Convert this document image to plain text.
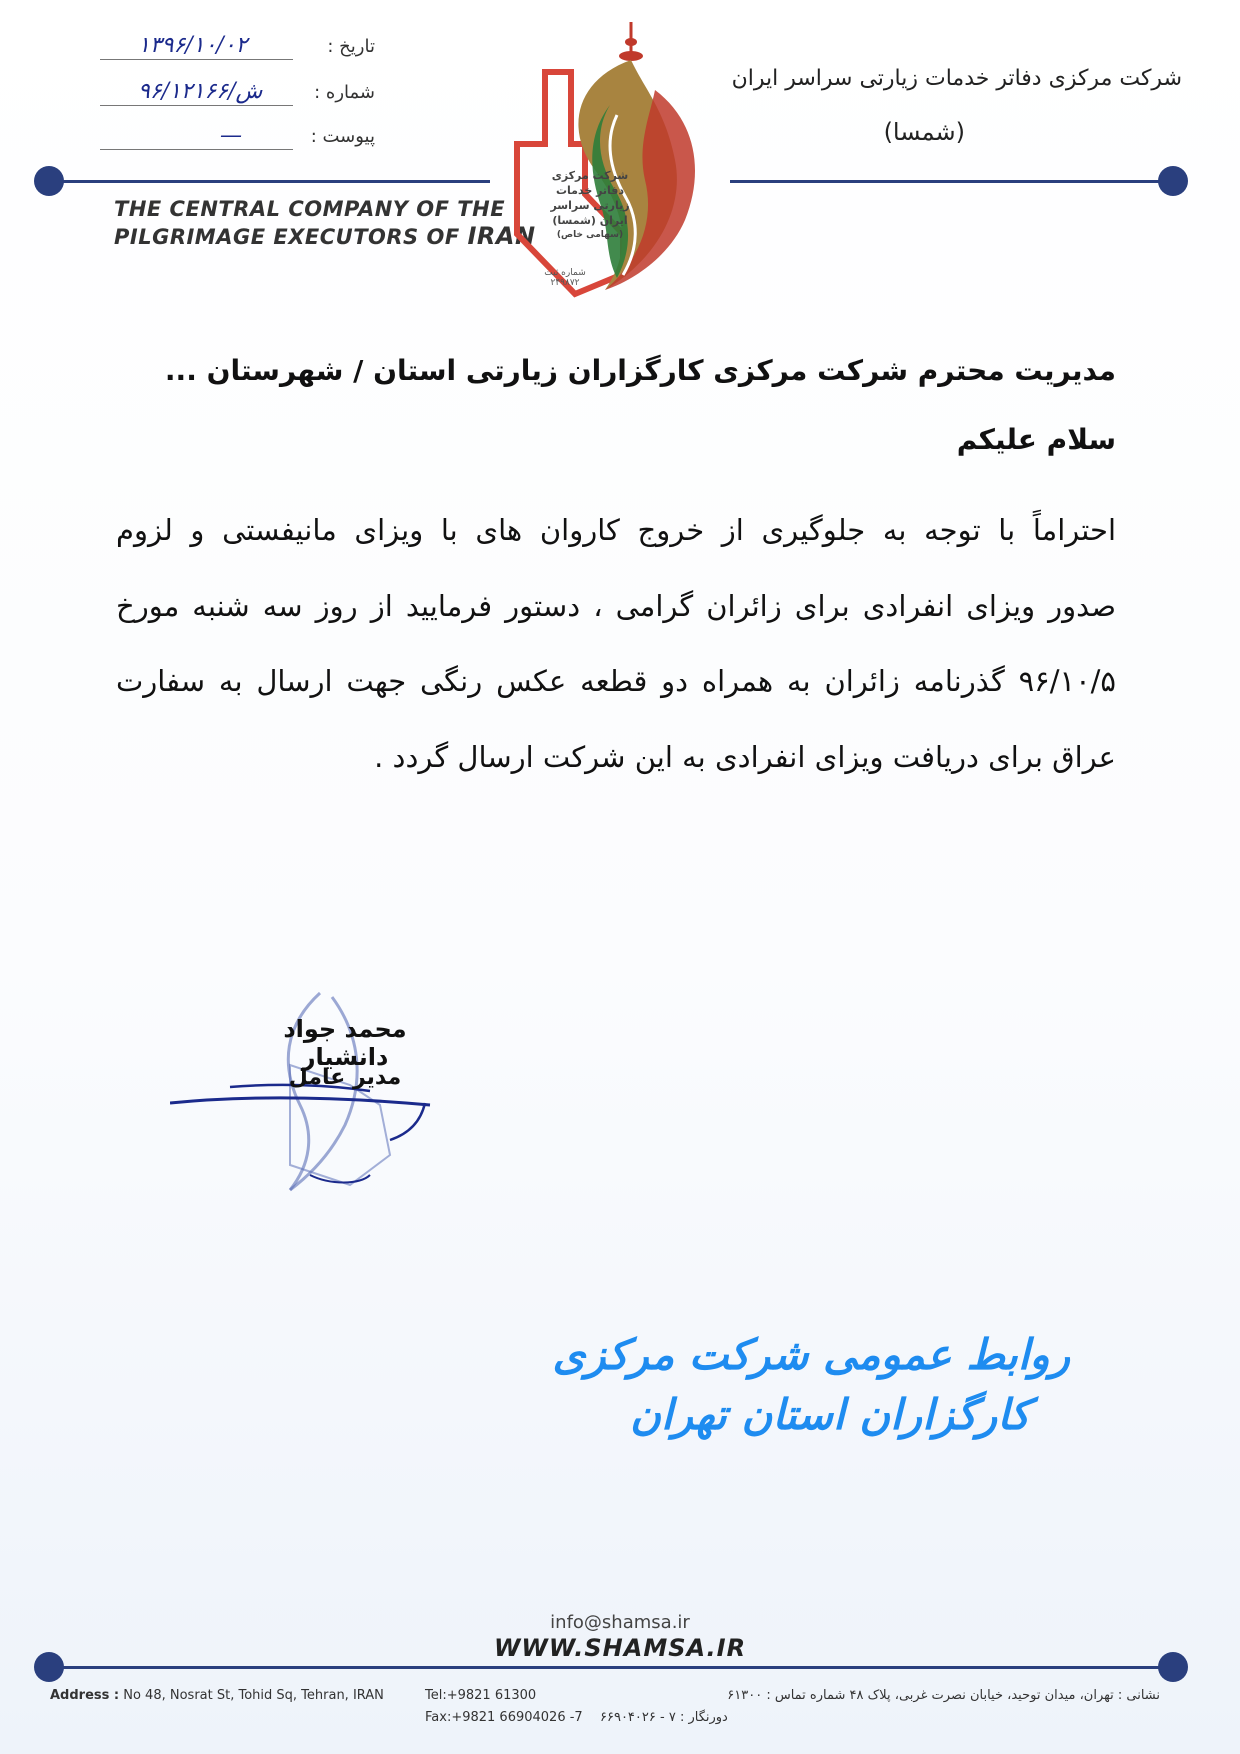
شرکت مرکزی دفاتر خدمات زیارتی سراسر ایران
(شمسا)
تاریخ :
۱۳۹۶/۱۰/۰۲
شماره :
۹۶/۱۲۱۶۶/ش
پیوست :
—
THE CENTRAL COMPANY OF THE
PILGRIMAGE EXECUTORS OF IRAN
شرکت مرکزی
دفاتر خدمات
زیارتی سراسر
ایران (شمسا)
(سهامی خاص)
شماره ثبت
۲۴۹۸۷۲
مدیریت محترم شرکت مرکزی کارگزاران زیارتی استان / شهرستان ...
سلام علیکم
احتراماً با توجه به جلوگیری از خروج کاروان های با ویزای مانیفستی و لزوم
صدور ویزای انفرادی برای زائران گرامی ، دستور فرمایید از روز سه شنبه مورخ
۹۶/۱۰/۵ گذرنامه زائران به همراه دو قطعه عکس رنگی جهت ارسال به سفارت
عراق برای دریافت ویزای انفرادی به این شرکت ارسال گردد .
محمد جواد دانشیار
مدیر عامل
روابط عمومی شرکت مرکزی
کارگزاران استان تهران
info@shamsa.ir
WWW.SHAMSA.IR
Address : No 48, Nosrat St, Tohid Sq, Tehran, IRAN	Tel:+9821 61300
Fax:+9821 66904026 -7
نشانی : تهران، میدان توحید، خیابان نصرت غربی، پلاک ۴۸ شماره تماس : ۶۱۳۰۰
دورنگار : ۷ - ۶۶۹۰۴۰۲۶
